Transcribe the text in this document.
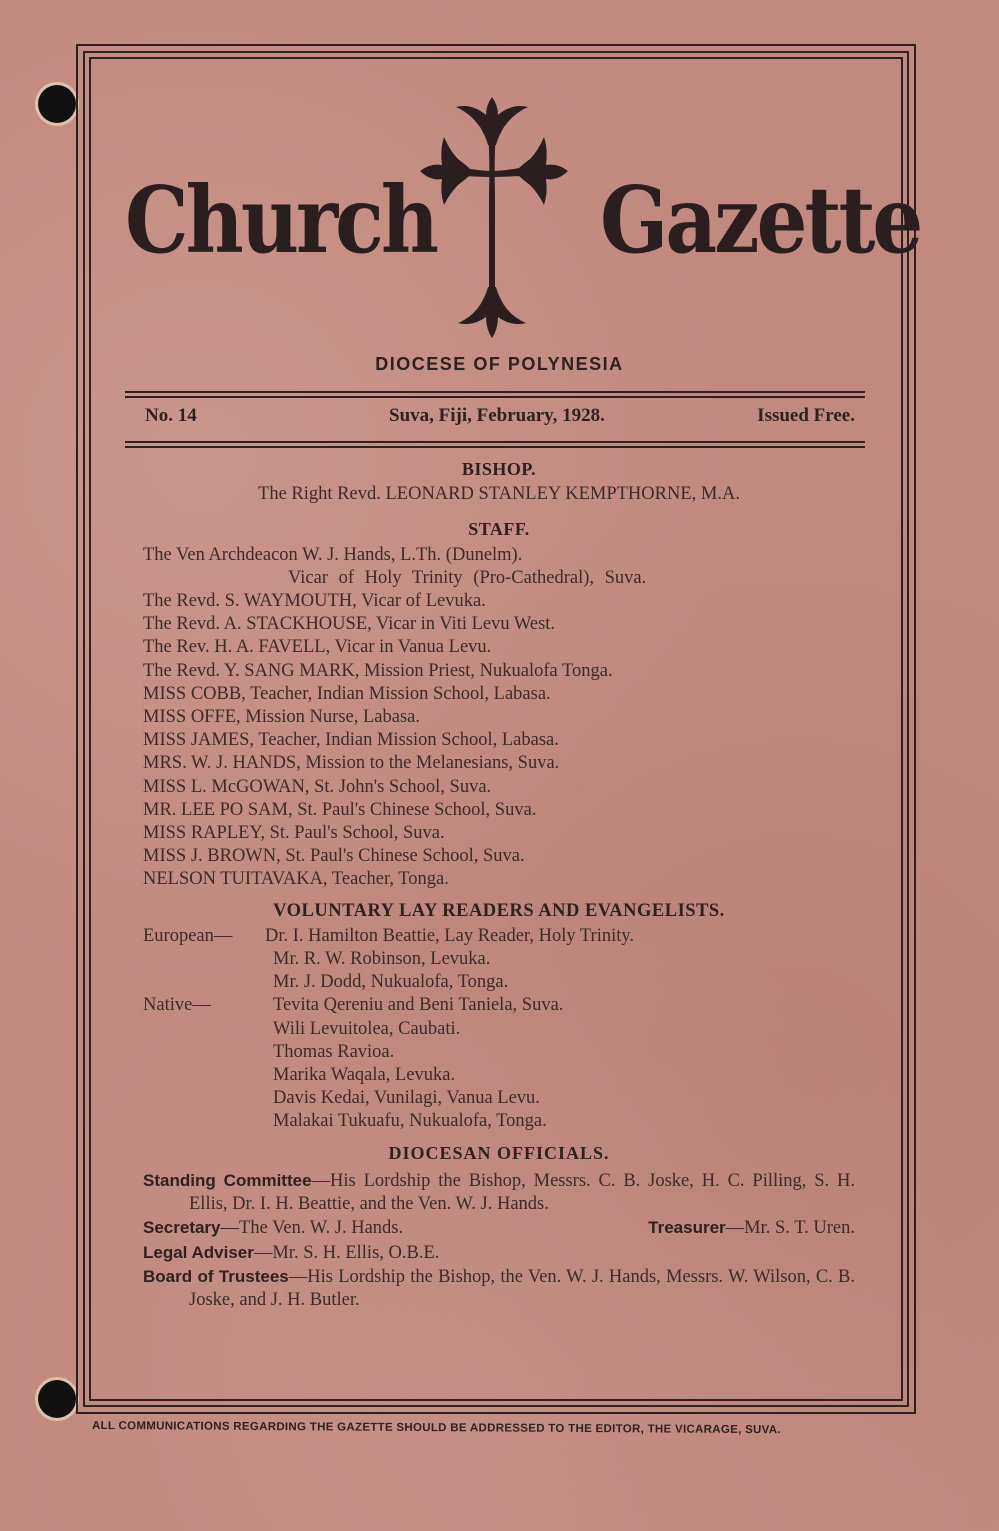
Church Gazette
DIOCESE OF POLYNESIA
No. 14	Suva, Fiji, February, 1928.	Issued Free.
BISHOP.
The Right Revd. LEONARD STANLEY KEMPTHORNE, M.A.
STAFF.
The Ven Archdeacon W. J. Hands, L.Th. (Dunelm).
Vicar of Holy Trinity (Pro-Cathedral), Suva.
The Revd. S. WAYMOUTH, Vicar of Levuka.
The Revd. A. STACKHOUSE, Vicar in Viti Levu West.
The Rev. H. A. FAVELL, Vicar in Vanua Levu.
The Revd. Y. SANG MARK, Mission Priest, Nukualofa Tonga.
MISS COBB, Teacher, Indian Mission School, Labasa.
MISS OFFE, Mission Nurse, Labasa.
MISS JAMES, Teacher, Indian Mission School, Labasa.
MRS. W. J. HANDS, Mission to the Melanesians, Suva.
MISS L. McGOWAN, St. John's School, Suva.
MR. LEE PO SAM, St. Paul's Chinese School, Suva.
MISS RAPLEY, St. Paul's School, Suva.
MISS J. BROWN, St. Paul's Chinese School, Suva.
NELSON TUITAVAKA, Teacher, Tonga.
VOLUNTARY LAY READERS AND EVANGELISTS.
European—	Dr. I. Hamilton Beattie, Lay Reader, Holy Trinity.
Mr. R. W. Robinson, Levuka.
Mr. J. Dodd, Nukualofa, Tonga.
Native—	Tevita Qereniu and Beni Taniela, Suva.
Wili Levuitolea, Caubati.
Thomas Ravioa.
Marika Waqala, Levuka.
Davis Kedai, Vunilagi, Vanua Levu.
Malakai Tukuafu, Nukualofa, Tonga.
DIOCESAN OFFICIALS.
Standing Committee—His Lordship the Bishop, Messrs. C. B. Joske, H. C. Pilling, S. H. Ellis, Dr. I. H. Beattie, and the Ven. W. J. Hands.
Secretary—The Ven. W. J. Hands.	Treasurer—Mr. S. T. Uren.
Legal Adviser—Mr. S. H. Ellis, O.B.E.
Board of Trustees—His Lordship the Bishop, the Ven. W. J. Hands, Messrs. W. Wilson, C. B. Joske, and J. H. Butler.
ALL COMMUNICATIONS REGARDING THE GAZETTE SHOULD BE ADDRESSED TO THE EDITOR, THE VICARAGE, SUVA.
